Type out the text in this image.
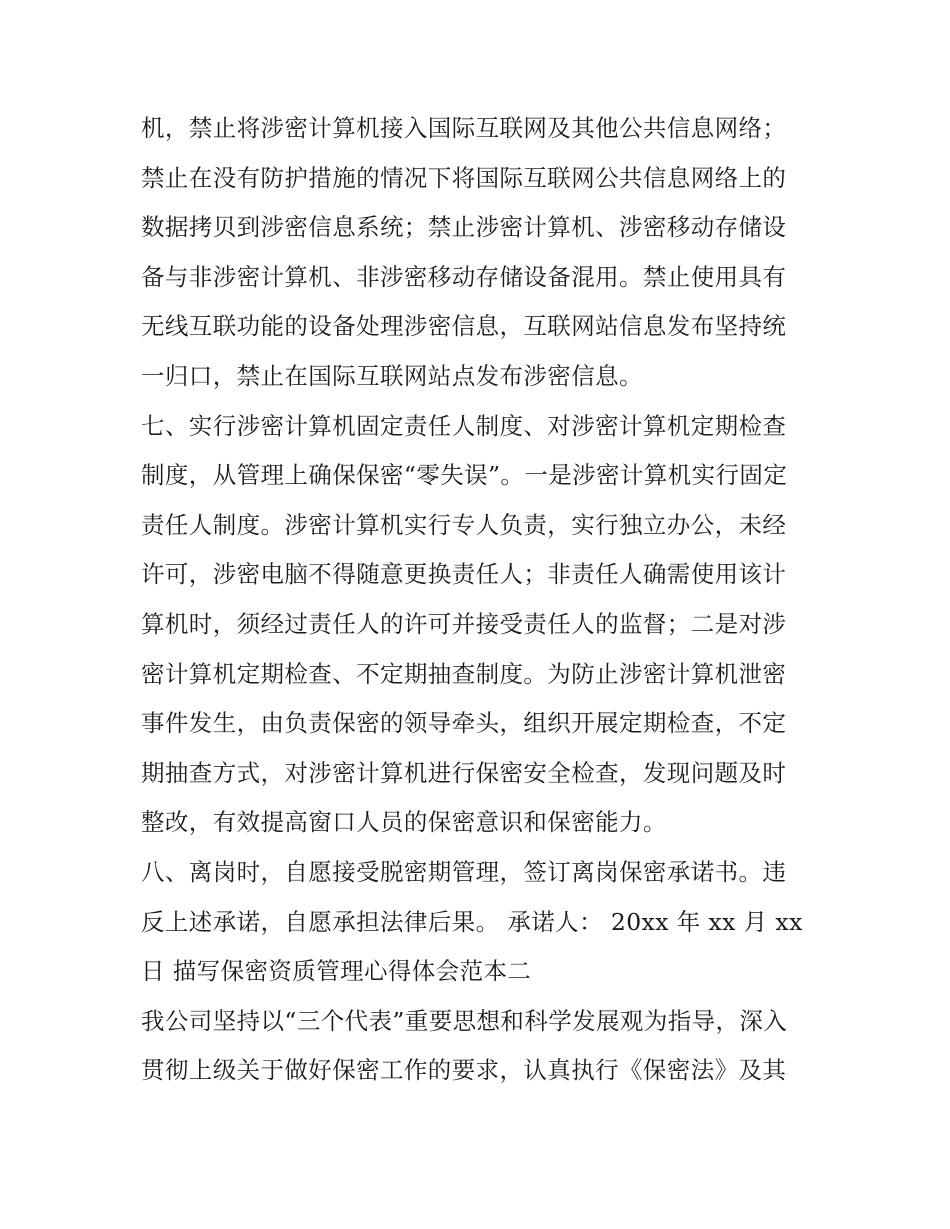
机，禁止将涉密计算机接入国际互联网及其他公共信息网络；
禁止在没有防护措施的情况下将国际互联网公共信息网络上的
数据拷贝到涉密信息系统；禁止涉密计算机、涉密移动存储设
备与非涉密计算机、非涉密移动存储设备混用。禁止使用具有
无线互联功能的设备处理涉密信息，互联网站信息发布坚持统
一归口，禁止在国际互联网站点发布涉密信息。
七、实行涉密计算机固定责任人制度、对涉密计算机定期检查
制度，从管理上确保保密“零失误”。一是涉密计算机实行固定
责任人制度。涉密计算机实行专人负责，实行独立办公，未经
许可，涉密电脑不得随意更换责任人；非责任人确需使用该计
算机时，须经过责任人的许可并接受责任人的监督；二是对涉
密计算机定期检查、不定期抽查制度。为防止涉密计算机泄密
事件发生，由负责保密的领导牵头，组织开展定期检查，不定
期抽查方式，对涉密计算机进行保密安全检查，发现问题及时
整改，有效提高窗口人员的保密意识和保密能力。
八、离岗时，自愿接受脱密期管理，签订离岗保密承诺书。违
反上述承诺，自愿承担法律后果。 承诺人： 20xx 年 xx 月 xx
日 描写保密资质管理心得体会范本二
我公司坚持以“三个代表”重要思想和科学发展观为指导，深入
贯彻上级关于做好保密工作的要求，认真执行《保密法》及其
